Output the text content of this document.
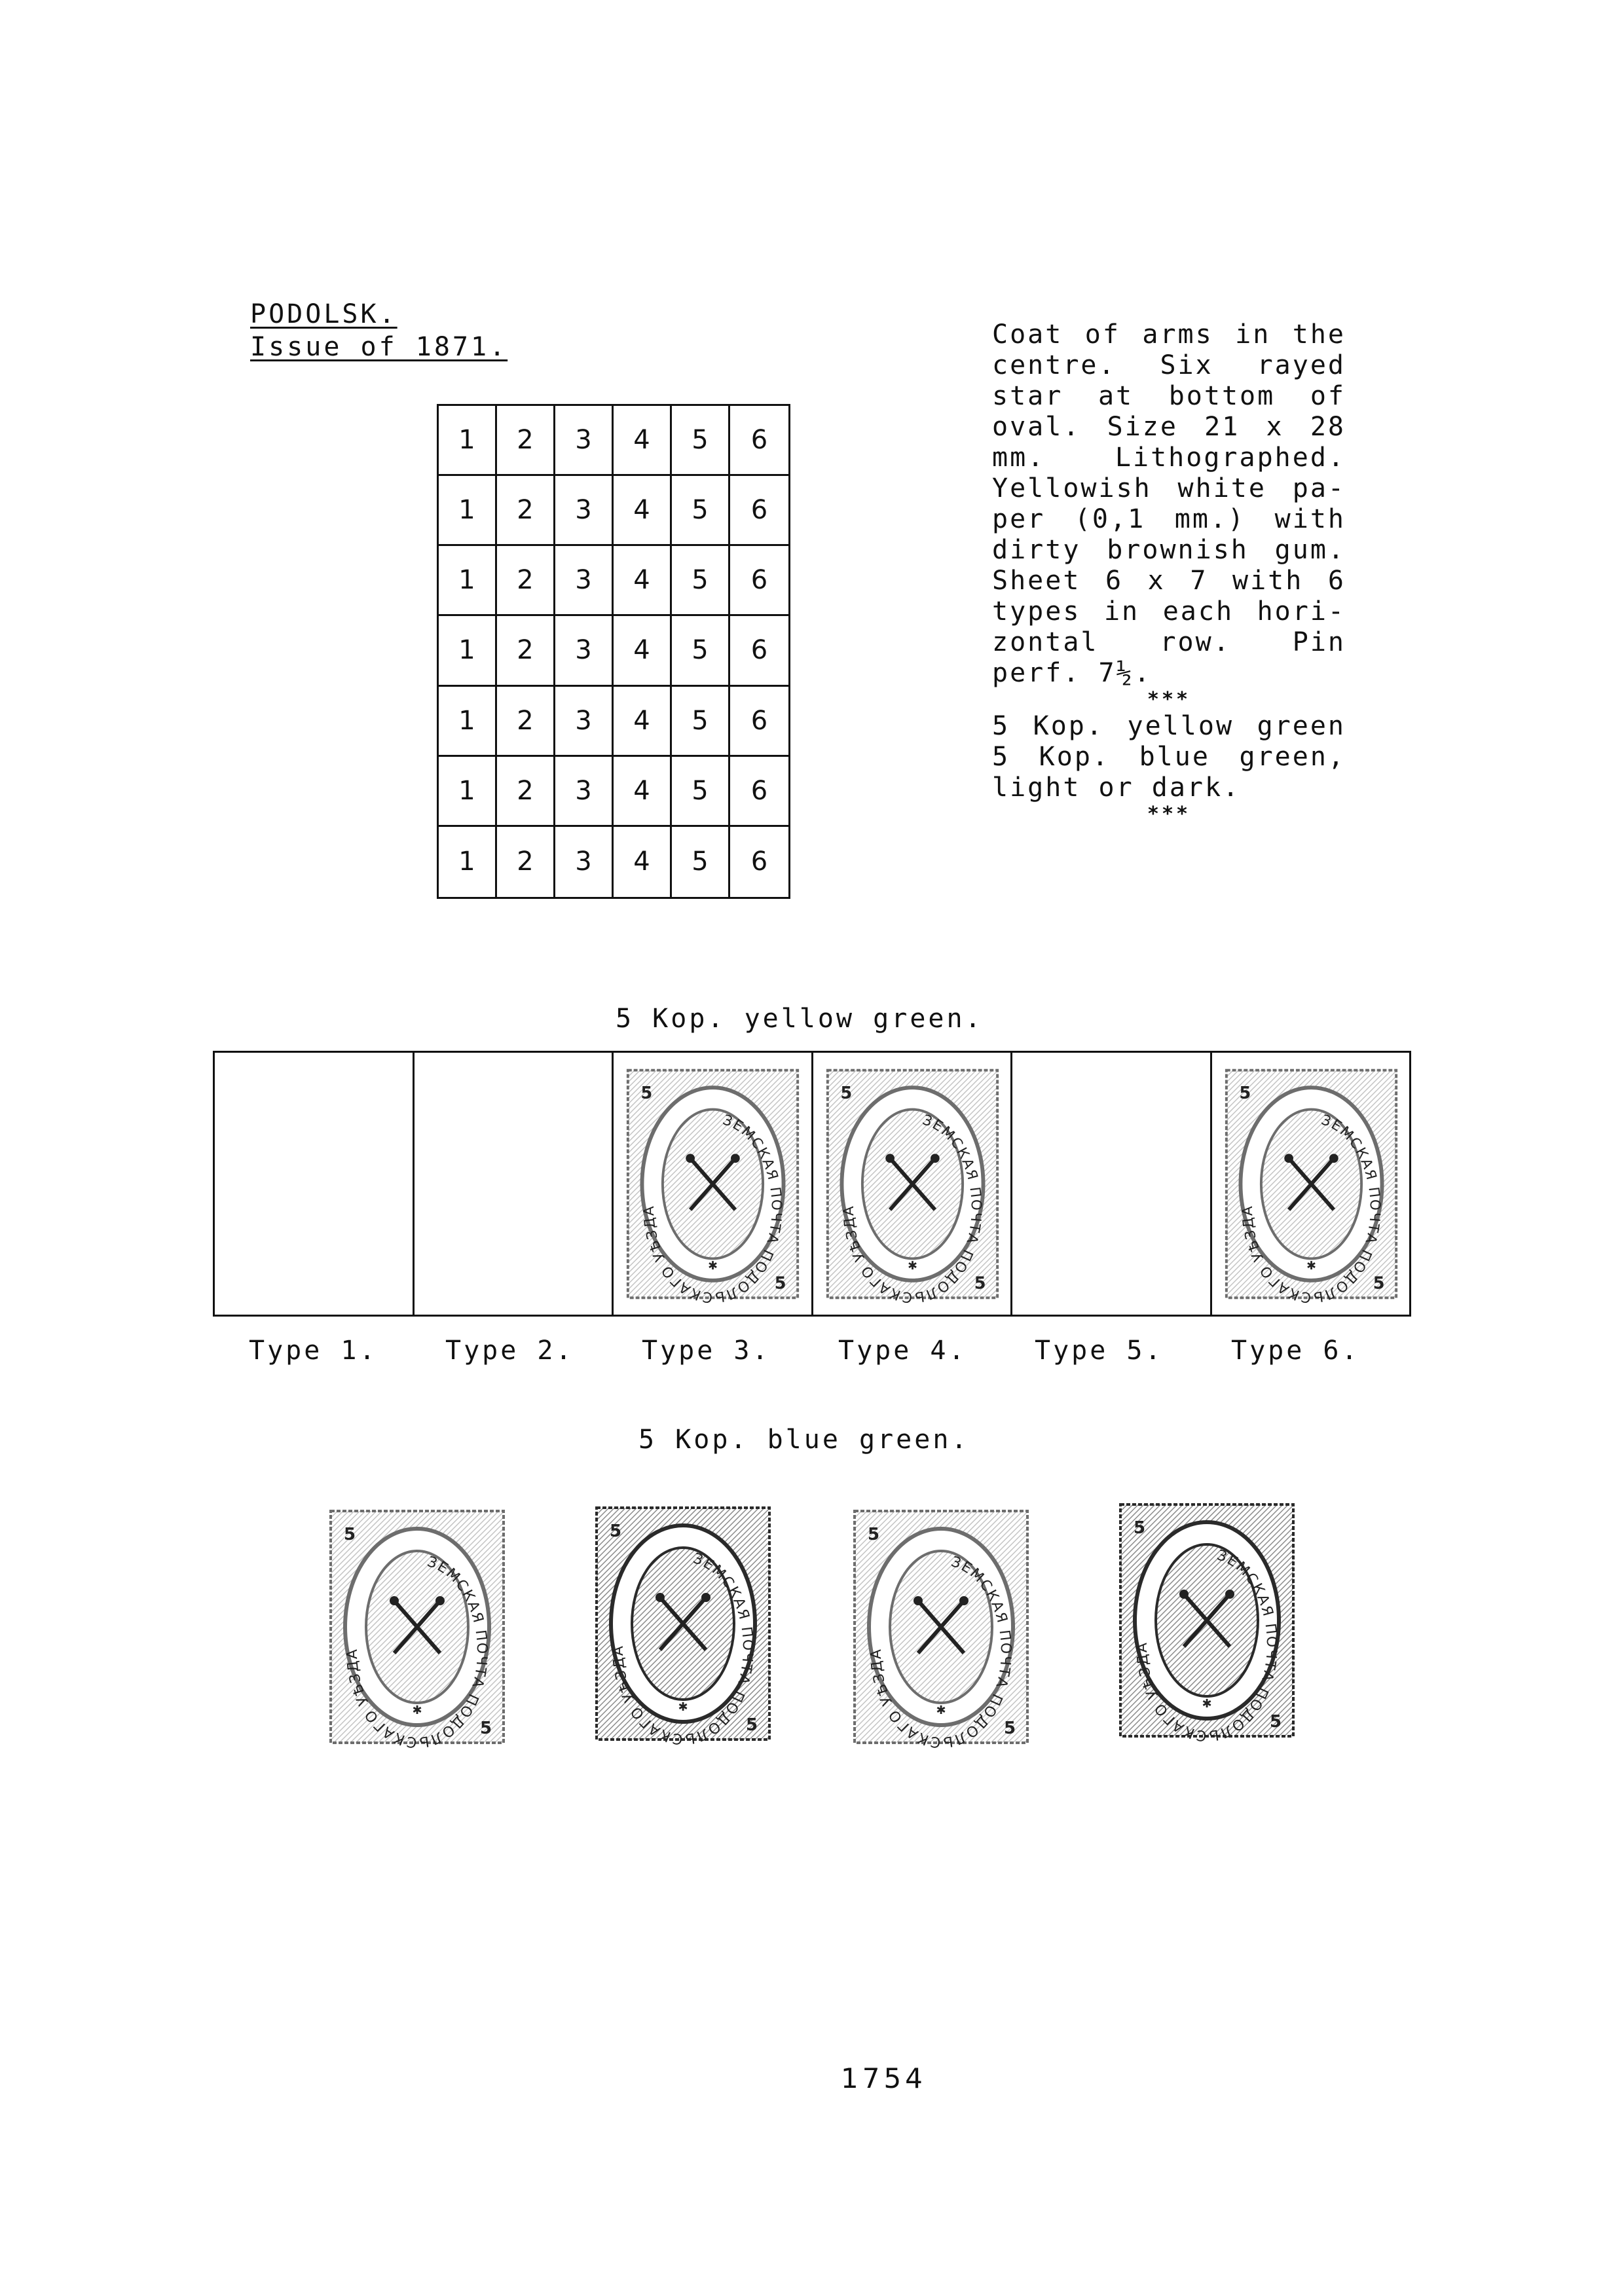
PODOLSK.
Issue of 1871.
1	2	3	4	5	6
1	2	3	4	5	6
1	2	3	4	5	6
1	2	3	4	5	6
1	2	3	4	5	6
1	2	3	4	5	6
1	2	3	4	5	6
Coat of arms in the
centre. Six rayed
star at bottom of
oval. Size 21 x 28
mm. Lithographed.
Yellowish white pa-
per (0,1 mm.) with
dirty brownish gum.
Sheet 6 x 7 with 6
types in each hori-
zontal row. Pin
perf. 7½.
***
5 Kop. yellow green
5 Kop. blue green,
light or dark.
***
5 Kop. yellow green.
ЗЕМСКАЯ ПОЧТА ПОДОЛЬСКАГО УѢЗДА
✱
5
5
ЗЕМСКАЯ ПОЧТА ПОДОЛЬСКАГО УѢЗДА
✱
5
5
ЗЕМСКАЯ ПОЧТА ПОДОЛЬСКАГО УѢЗДА
✱
5
5
Type 1.	Type 2.	Type 3.	Type 4.	Type 5.	Type 6.
5 Kop. blue green.
ЗЕМСКАЯ ПОЧТА ПОДОЛЬСКАГО УѢЗДА
✱
5
5
ЗЕМСКАЯ ПОЧТА ПОДОЛЬСКАГО УѢЗДА
✱
5
5
ЗЕМСКАЯ ПОЧТА ПОДОЛЬСКАГО УѢЗДА
✱
5
5
ЗЕМСКАЯ ПОЧТА ПОДОЛЬСКАГО УѢЗДА
✱
5
5
1754
